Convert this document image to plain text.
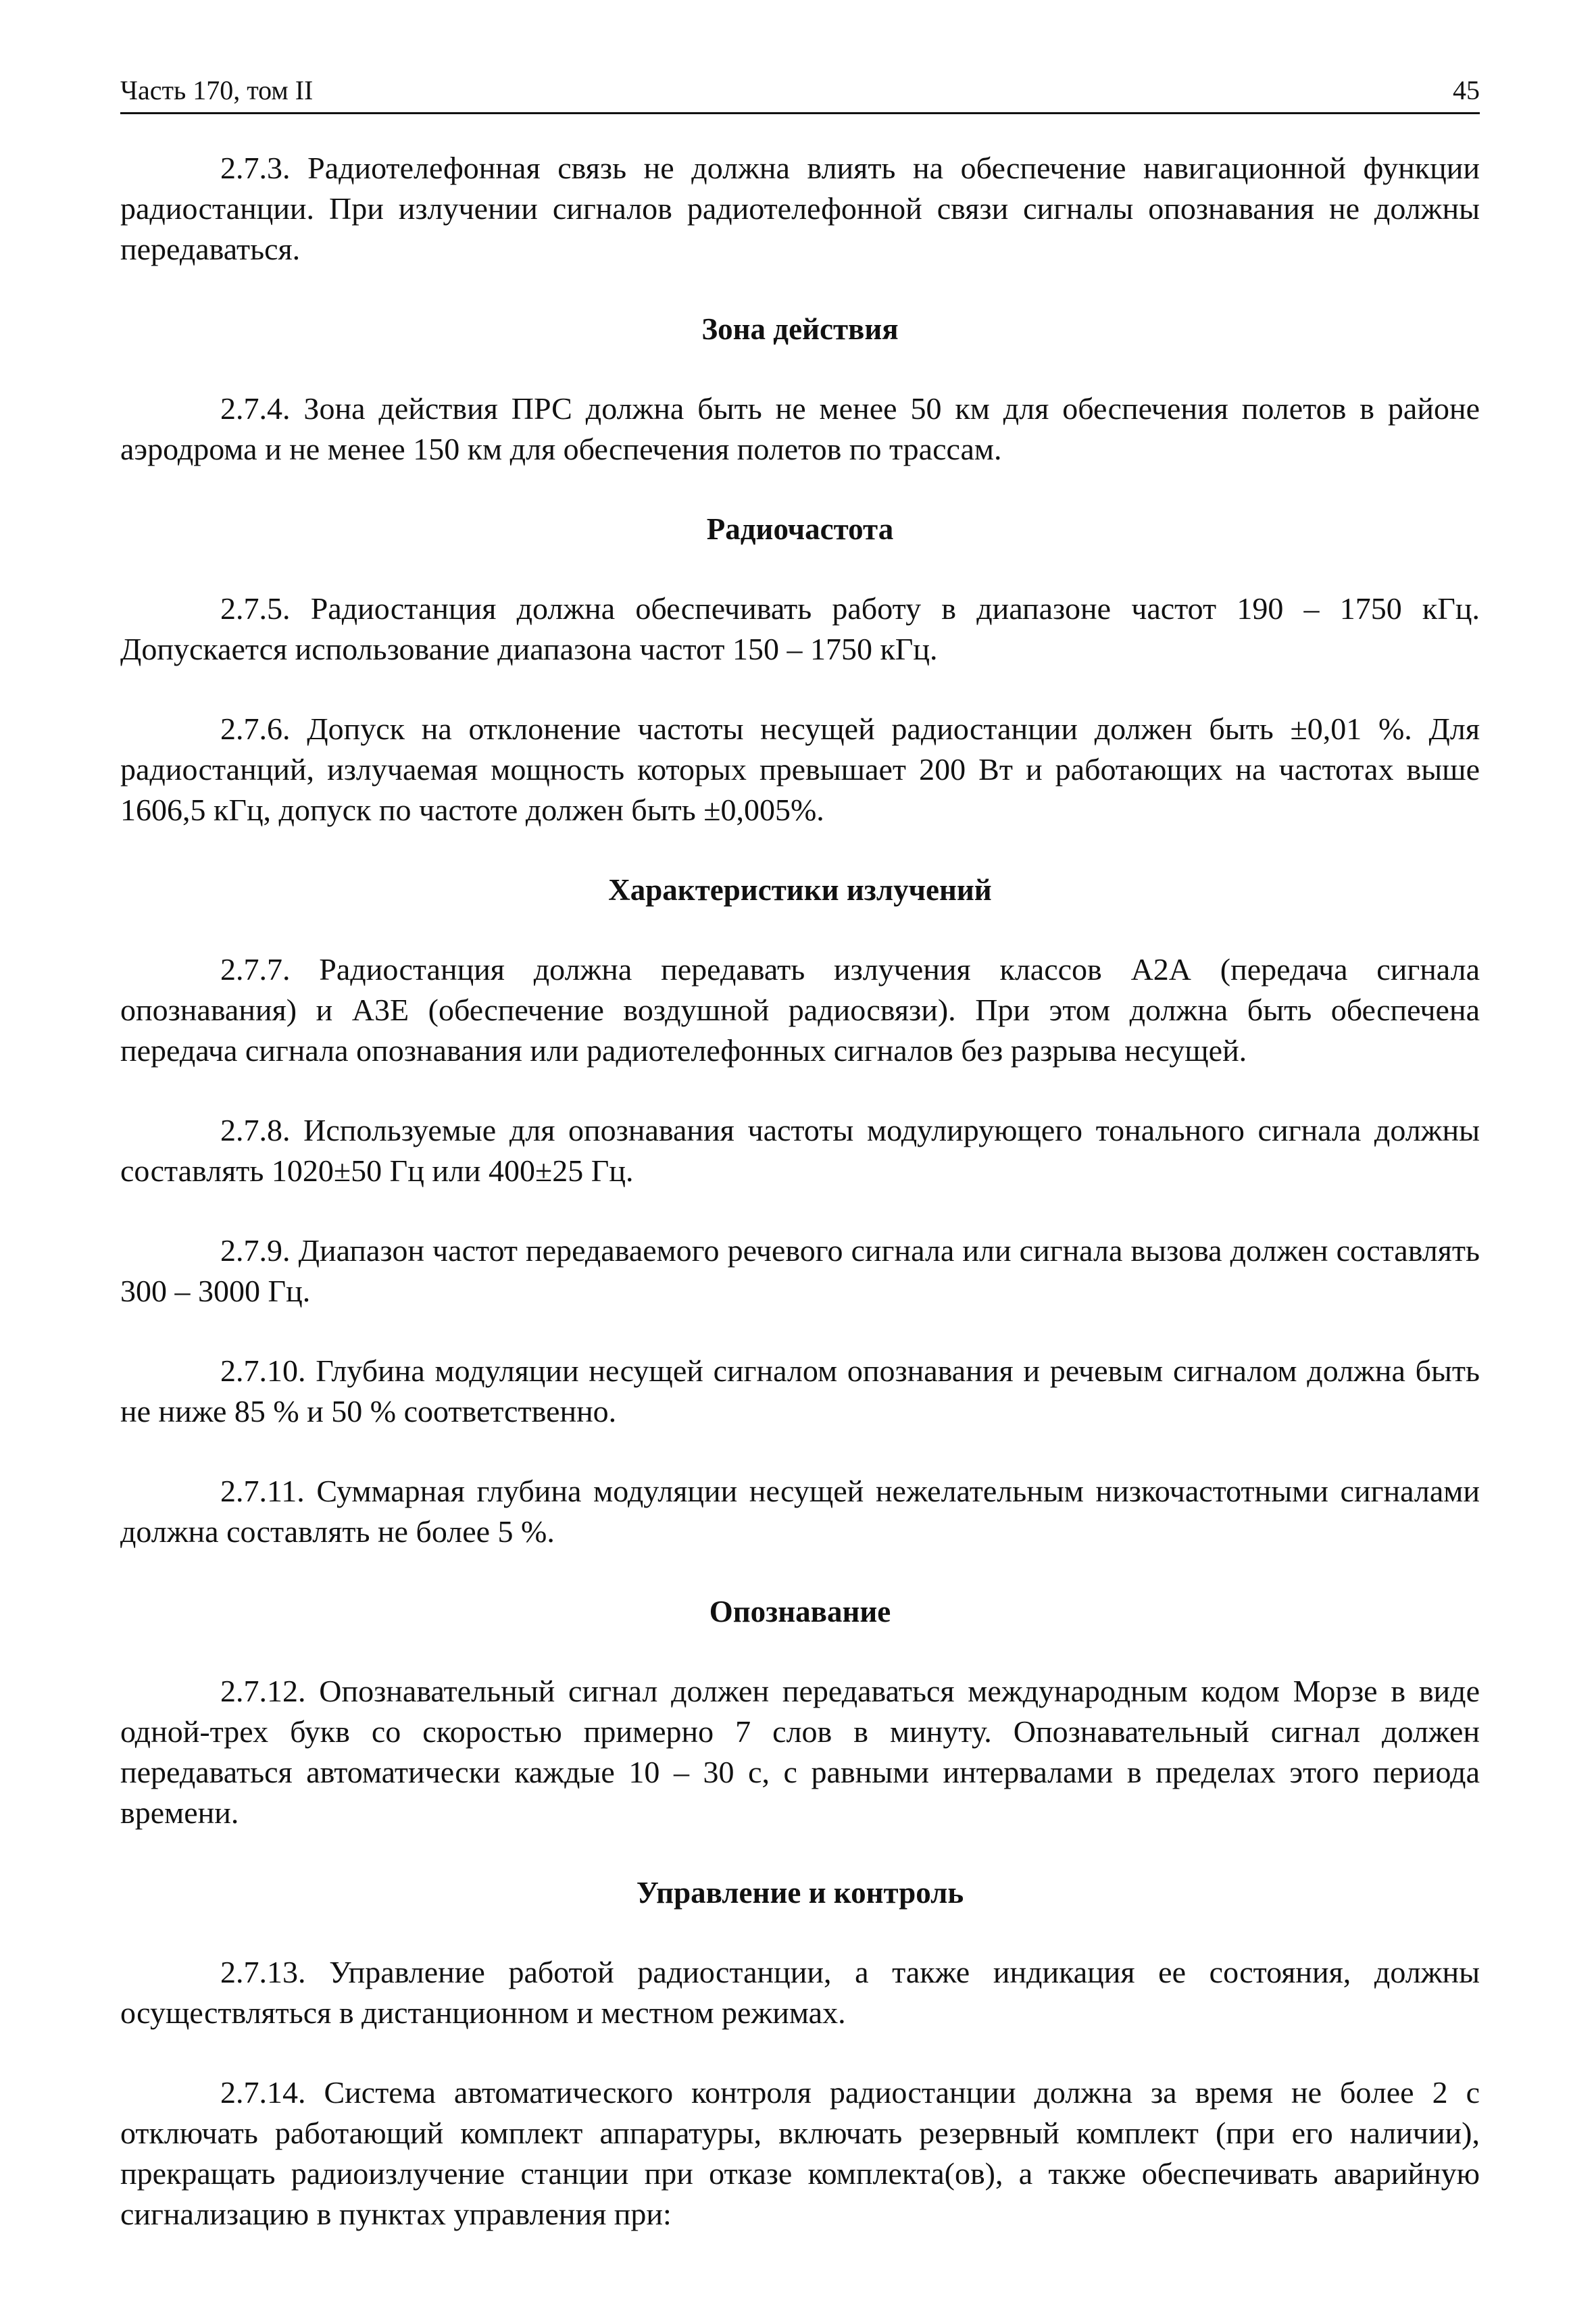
Часть 170, том II	45

2.7.3. Радиотелефонная связь не должна влиять на обеспечение навигационной функции радиостанции. При излучении сигналов радиотелефонной связи сигналы опознавания не должны передаваться.

Зона действия

2.7.4. Зона действия ПРС должна быть не менее 50 км для обеспечения полетов в районе аэродрома и не менее 150 км для обеспечения полетов по трассам.

Радиочастота

2.7.5. Радиостанция должна обеспечивать работу в диапазоне частот 190 – 1750 кГц. Допускается использование диапазона частот 150 – 1750 кГц.

2.7.6. Допуск на отклонение частоты несущей радиостанции должен быть ±0,01 %. Для радиостанций, излучаемая мощность которых превышает 200 Вт и работающих на частотах выше 1606,5 кГц, допуск по частоте должен быть ±0,005%.

Характеристики излучений

2.7.7. Радиостанция должна передавать излучения классов А2А (передача сигнала опознавания) и А3Е (обеспечение воздушной радиосвязи). При этом должна быть обеспечена передача сигнала опознавания или радиотелефонных сигналов без разрыва несущей.

2.7.8. Используемые для опознавания частоты модулирующего тонального сигнала должны составлять 1020±50 Гц или 400±25 Гц.

2.7.9. Диапазон частот передаваемого речевого сигнала или сигнала вызова должен составлять 300 – 3000 Гц.

2.7.10. Глубина модуляции несущей сигналом опознавания и речевым сигналом должна быть не ниже 85 % и 50 % соответственно.

2.7.11. Суммарная глубина модуляции несущей нежелательным низкочастотными сигналами должна составлять не более 5 %.

Опознавание

2.7.12. Опознавательный сигнал должен передаваться международным кодом Морзе в виде одной-трех букв со скоростью примерно 7 слов в минуту. Опознавательный сигнал должен передаваться автоматически каждые 10 – 30 с, с равными интервалами в пределах этого периода времени.

Управление и контроль

2.7.13. Управление работой радиостанции, а также индикация ее состояния, должны осуществляться в дистанционном и местном режимах.

2.7.14. Система автоматического контроля радиостанции должна за время не более 2 с отключать работающий комплект аппаратуры, включать резервный комплект (при его наличии), прекращать радиоизлучение станции при отказе комплекта(ов), а также обеспечивать аварийную сигнализацию в пунктах управления при:
